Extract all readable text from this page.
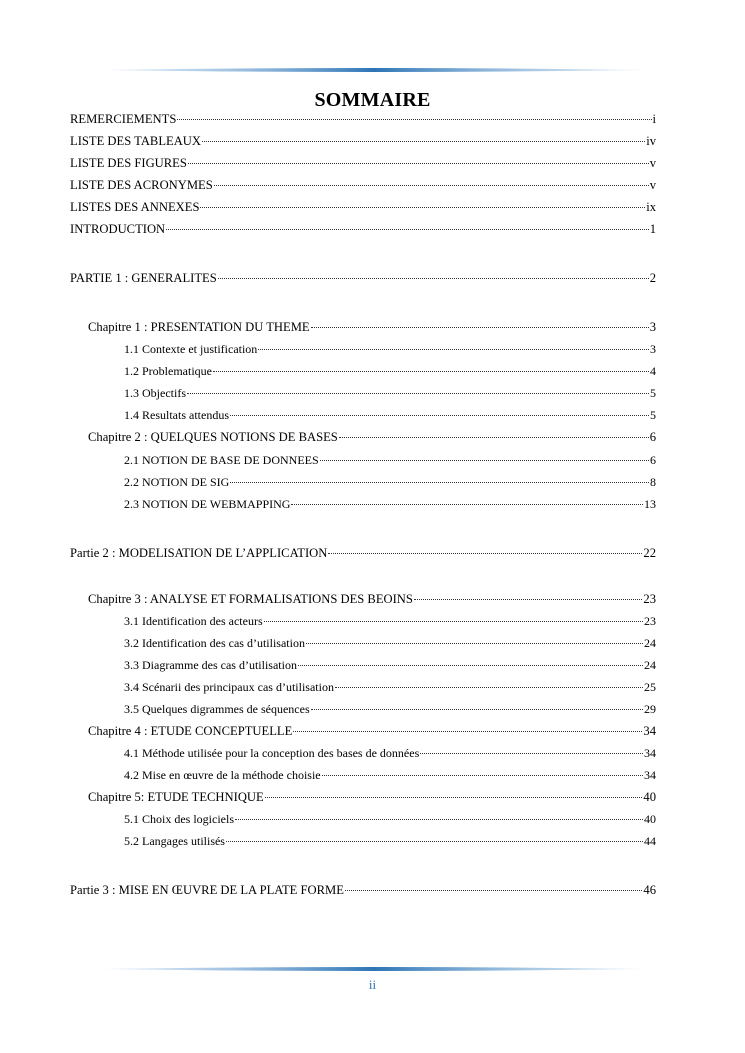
SOMMAIRE
REMERCIEMENTS	i
LISTE DES TABLEAUX	iv
LISTE DES FIGURES	v
LISTE DES ACRONYMES	v
LISTES DES ANNEXES	ix
INTRODUCTION	1
PARTIE 1 : GENERALITES	2
Chapitre 1 : PRESENTATION DU THEME	3
1.1 Contexte et justification	3
1.2 Problematique	4
1.3 Objectifs	5
1.4 Resultats attendus	5
Chapitre 2 : QUELQUES NOTIONS DE BASES	6
2.1 NOTION DE BASE DE DONNEES	6
2.2 NOTION DE SIG	8
2.3 NOTION DE WEBMAPPING	13
Partie 2 : MODELISATION DE L’APPLICATION	22
Chapitre 3 : ANALYSE ET FORMALISATIONS DES BEOINS	23
3.1 Identification des acteurs	23
3.2 Identification des cas d’utilisation	24
3.3 Diagramme des cas d’utilisation	24
3.4 Scénarii des principaux cas d’utilisation	25
3.5 Quelques digrammes de séquences	29
Chapitre 4 : ETUDE CONCEPTUELLE	34
4.1 Méthode utilisée pour la conception des bases de données	34
4.2 Mise en œuvre de la méthode choisie	34
Chapitre 5: ETUDE TECHNIQUE	40
5.1 Choix des logiciels	40
5.2 Langages utilisés	44
Partie 3 : MISE EN ŒUVRE DE LA PLATE FORME	46
ii
